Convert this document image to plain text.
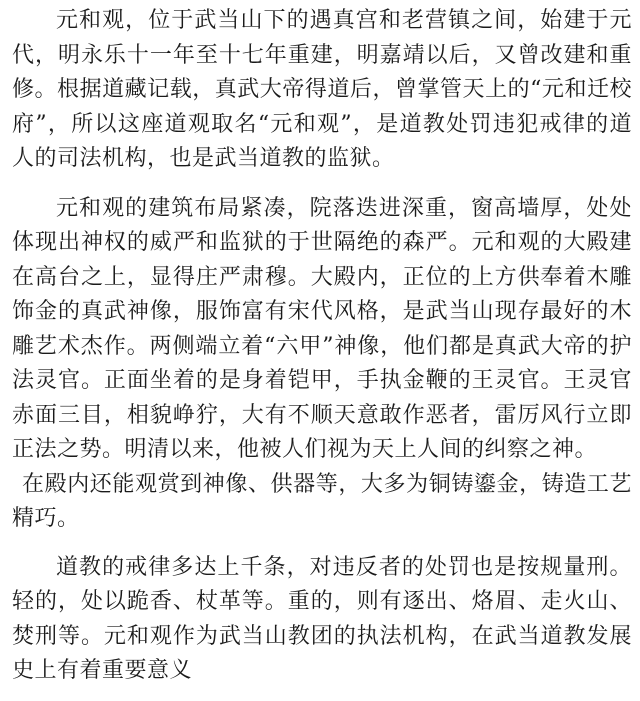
元和观，位于武当山下的遇真宫和老营镇之间，始建于元代，明永乐十一年至十七年重建，明嘉靖以后，又曾改建和重修。根据道藏记载，真武大帝得道后，曾掌管天上的“元和迁校府”，所以这座道观取名“元和观”，是道教处罚违犯戒律的道人的司法机构，也是武当道教的监狱。

元和观的建筑布局紧凑，院落迭进深重，窗高墙厚，处处体现出神权的威严和监狱的于世隔绝的森严。元和观的大殿建在高台之上，显得庄严肃穆。大殿内，正位的上方供奉着木雕饰金的真武神像，服饰富有宋代风格，是武当山现存最好的木雕艺术杰作。两侧端立着“六甲”神像，他们都是真武大帝的护法灵官。正面坐着的是身着铠甲，手执金鞭的王灵官。王灵官赤面三目，相貌峥狞，大有不顺天意敢作恶者，雷厉风行立即正法之势。明清以来，他被人们视为天上人间的纠察之神。

在殿内还能观赏到神像、供器等，大多为铜铸鎏金，铸造工艺精巧。

道教的戒律多达上千条，对违反者的处罚也是按规量刑。轻的，处以跪香、杖革等。重的，则有逐出、烙眉、走火山、焚刑等。元和观作为武当山教团的执法机构，在武当道教发展史上有着重要意义
